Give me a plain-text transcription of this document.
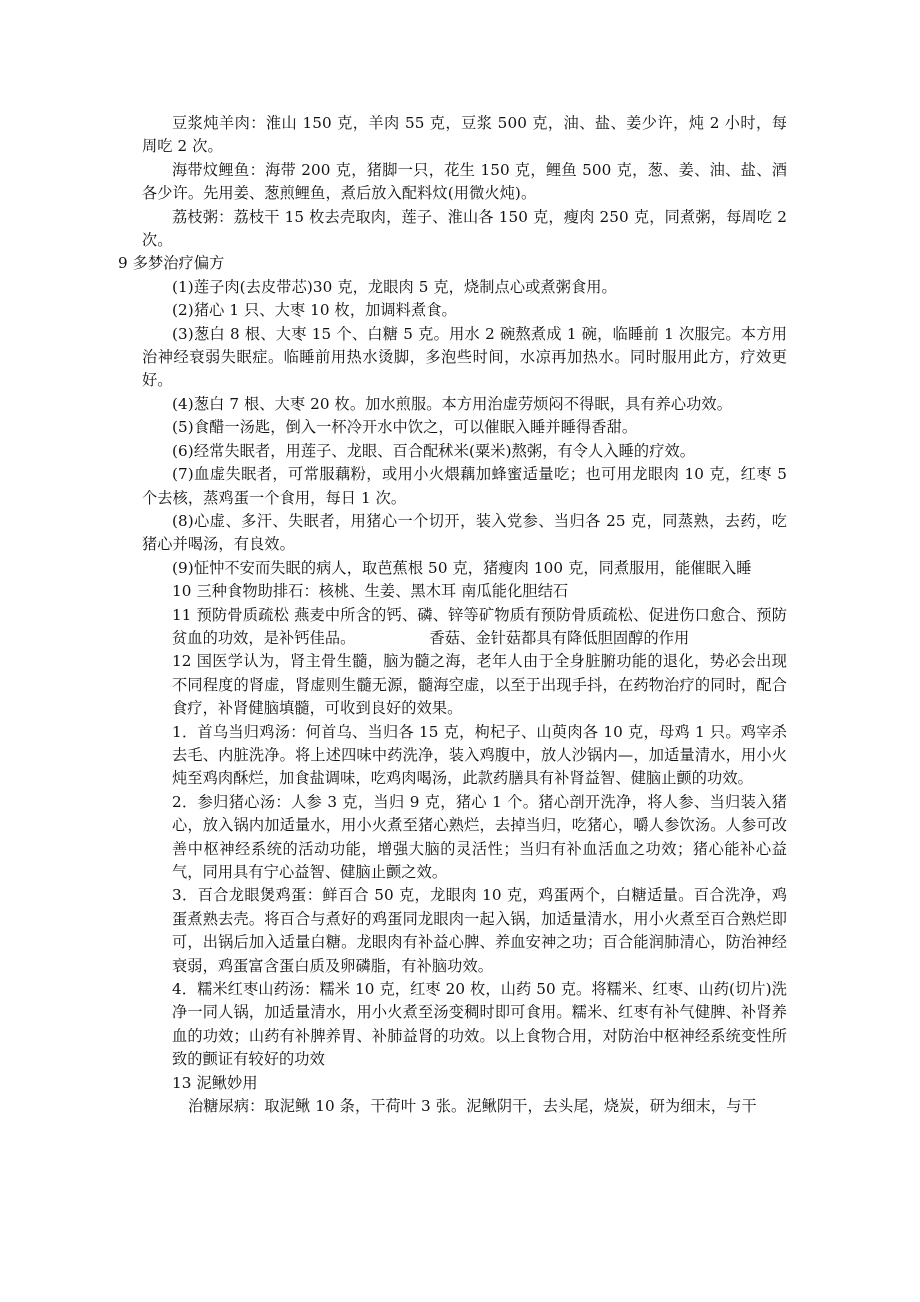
豆浆炖羊肉：淮山 150 克，羊肉 55 克，豆浆 500 克，油、盐、姜少许，炖 2 小时，每周吃 2 次。

海带炆鲤鱼：海带 200 克，猪脚一只，花生 150 克，鲤鱼 500 克，葱、姜、油、盐、酒各少许。先用姜、葱煎鲤鱼，煮后放入配料炆(用微火炖)。

荔枝粥：荔枝干 15 枚去壳取肉，莲子、淮山各 150 克，瘦肉 250 克，同煮粥，每周吃 2 次。

9 多梦治疗偏方

(1)莲子肉(去皮带芯)30 克，龙眼肉 5 克，烧制点心或煮粥食用。

(2)猪心 1 只、大枣 10 枚，加调料煮食。

(3)葱白 8 根、大枣 15 个、白糖 5 克。用水 2 碗熬煮成 1 碗，临睡前 1 次服完。本方用治神经衰弱失眠症。临睡前用热水烫脚，多泡些时间，水凉再加热水。同时服用此方，疗效更好。

(4)葱白 7 根、大枣 20 枚。加水煎服。本方用治虚劳烦闷不得眠，具有养心功效。

(5)食醋一汤匙，倒入一杯冷开水中饮之，可以催眠入睡并睡得香甜。

(6)经常失眠者，用莲子、龙眼、百合配秫米(粟米)熬粥，有令人入睡的疗效。

(7)血虚失眠者，可常服藕粉，或用小火煨藕加蜂蜜适量吃；也可用龙眼肉 10 克，红枣 5 个去核，蒸鸡蛋一个食用，每日 1 次。

(8)心虚、多汗、失眠者，用猪心一个切开，装入党参、当归各 25 克，同蒸熟，去药，吃猪心并喝汤，有良效。

(9)怔忡不安而失眠的病人，取芭蕉根 50 克，猪瘦肉 100 克，同煮服用，能催眠入睡

10 三种食物助排石：核桃、生姜、黑木耳 南瓜能化胆结石

11 预防骨质疏松 燕麦中所含的钙、磷、锌等矿物质有预防骨质疏松、促进伤口愈合、预防贫血的功效，是补钙佳品。	香菇、金针菇都具有降低胆固醇的作用

12 国医学认为，肾主骨生髓，脑为髓之海，老年人由于全身脏腑功能的退化，势必会出现不同程度的肾虚，肾虚则生髓无源，髓海空虚，以至于出现手抖，在药物治疗的同时，配合食疗，补肾健脑填髓，可收到良好的效果。

1．首乌当归鸡汤：何首乌、当归各 15 克，枸杞子、山萸肉各 10 克，母鸡 1 只。鸡宰杀去毛、内脏洗净。将上述四味中药洗净，装入鸡腹中，放人沙锅内—，加适量清水，用小火炖至鸡肉酥烂，加食盐调味，吃鸡肉喝汤，此款药膳具有补肾益智、健脑止颤的功效。

2．参归猪心汤：人参 3 克，当归 9 克，猪心 1 个。猪心剖开洗净，将人参、当归装入猪心，放入锅内加适量水，用小火煮至猪心熟烂，去掉当归，吃猪心，嚼人参饮汤。人参可改善中枢神经系统的活动功能，增强大脑的灵活性；当归有补血活血之功效；猪心能补心益气，同用具有宁心益智、健脑止颤之效。

3．百合龙眼煲鸡蛋：鲜百合 50 克，龙眼肉 10 克，鸡蛋两个，白糖适量。百合洗净，鸡蛋煮熟去壳。将百合与煮好的鸡蛋同龙眼肉一起入锅，加适量清水，用小火煮至百合熟烂即可，出锅后加入适量白糖。龙眼肉有补益心脾、养血安神之功；百合能润肺清心，防治神经衰弱，鸡蛋富含蛋白质及卵磷脂，有补脑功效。

4．糯米红枣山药汤：糯米 10 克，红枣 20 枚，山药 50 克。将糯米、红枣、山药(切片)洗净一同人锅，加适量清水，用小火煮至汤变稠时即可食用。糯米、红枣有补气健脾、补肾养血的功效；山药有补脾养胃、补肺益肾的功效。以上食物合用，对防治中枢神经系统变性所致的颤证有较好的功效

13 泥鳅妙用

治糖尿病：取泥鳅 10 条，干荷叶 3 张。泥鳅阴干，去头尾，烧炭，研为细末，与干
